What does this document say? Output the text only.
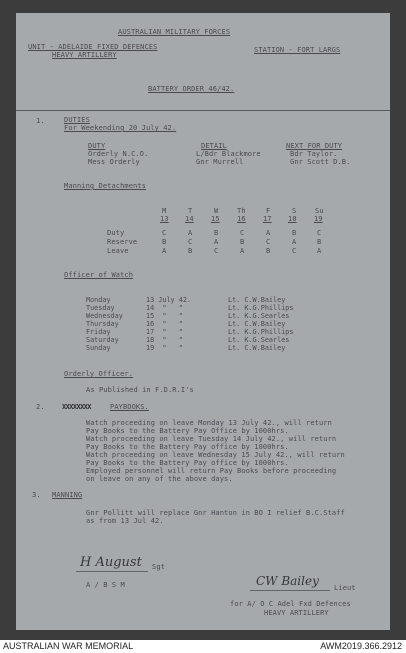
AUSTRALIAN MILITARY FORCES
UNIT - ADELAIDE FIXED DEFENCES
HEAVY ARTILLERY
STATION - FORT LARGS
BATTERY ORDER 46/42.
1.	DUTIES
For Weekending 20 July 42.
DUTY	DETAIL	NEXT FOR DUTY
Orderly N.C.O.	L/Bdr Blackmore	Bdr Taylor.
Mess Orderly	Gnr Murrell	Gnr Scott D.B.
Manning Detachments
M	T	W	Th	F	S	Su
13 14 15 16 17 18 19
Duty	C	A	B	C	A	B	C
Reserve	B	C	A	B	C	A	B
Leave	A	B	C	A	B	C	A
Officer of Watch
Monday	13 July 42.	Lt. C.W.Bailey
Tuesday	14  "   "	Lt. K.G.Phillips
Wednesday	15  "   "	Lt. K.G.Searles
Thursday	16  "   "	Lt. C.W.Bailey
Friday	17  "   "	Lt. K.G.Phillips
Saturday	18  "   "	Lt. K.G.Searles
Sunday	19  "   "	Lt. C.W.Bailey
Orderly Officer.
As Published in F.D.R.I's
2. XXXXXXXX	PAYBOOKS.
Watch proceeding on leave Monday 13 July 42., will return
Pay Books to the Battery Pay Office by 1000hrs.
Watch proceeding on leave Tuesday 14 July 42., will return
Pay Books to the Battery Pay office by 1000hrs.
Watch proceeding on leave Wednesday 15 July 42., will return
Pay Books to the Battery Pay office by 1000hrs.
Employed personnel will return Pay Books before proceeding
on leave on any of the above days.
3. MANNING
Gnr Pollitt will replace Gnr Hanton in BO I relief B.C.Staff
as from 13 Jul 42.
H August Sgt
A / B S M	CW Bailey Lieut
for A/ O C Adel Fxd Defences
HEAVY ARTILLERY
AUSTRALIAN WAR MEMORIAL	AWM2019.366.2912
